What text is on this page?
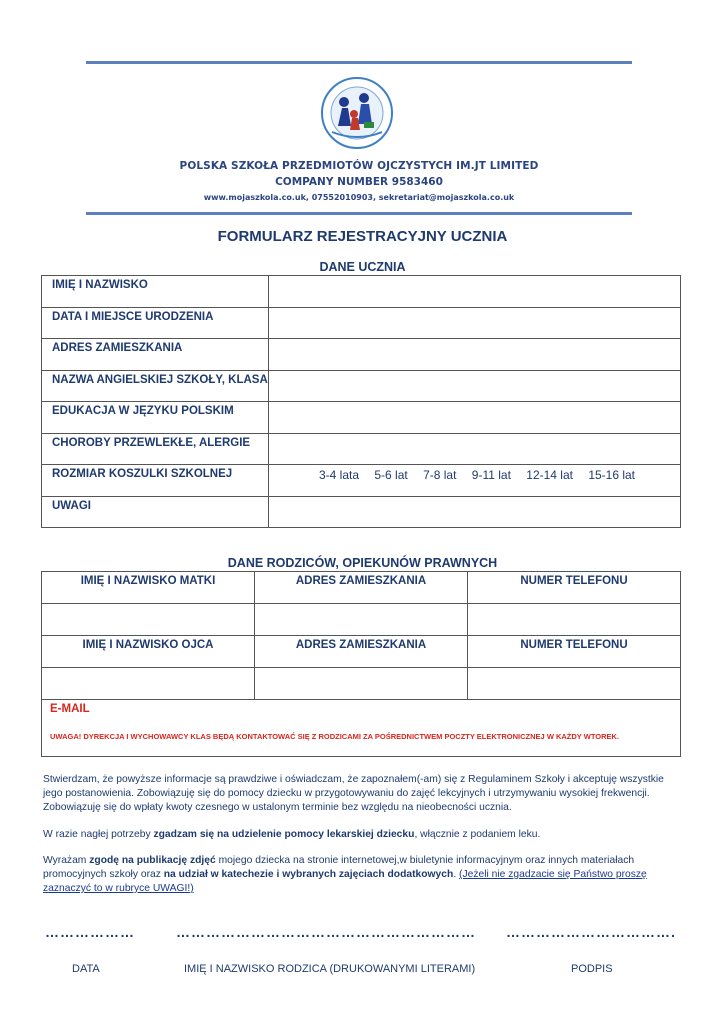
POLSKA SZKOŁA PRZEDMIOTÓW OJCZYSTYCH IM.JT LIMITED
COMPANY NUMBER 9583460
www.mojaszkola.co.uk, 07552010903, sekretariat@mojaszkola.co.uk
FORMULARZ REJESTRACYJNY UCZNIA
DANE UCZNIA
IMIĘ I NAZWISKO	
DATA I MIEJSCE URODZENIA	
ADRES ZAMIESZKANIA	
NAZWA ANGIELSKIEJ SZKOŁY, KLASA	
EDUKACJA W JĘZYKU POLSKIM	
CHOROBY PRZEWLEKŁE, ALERGIE	
ROZMIAR KOSZULKI SZKOLNEJ	3-4 lata 5-6 lat 7-8 lat 9-11 lat 12-14 lat 15-16 lat
UWAGI	
DANE RODZICÓW, OPIEKUNÓW PRAWNYCH
IMIĘ I NAZWISKO MATKI	ADRES ZAMIESZKANIA	NUMER TELEFONU

IMIĘ I NAZWISKO OJCA	ADRES ZAMIESZKANIA	NUMER TELEFONU

E-MAIL
UWAGA! DYREKCJA I WYCHOWAWCY KLAS BĘDĄ KONTAKTOWAĆ SIĘ Z RODZICAMI ZA POŚREDNICTWEM POCZTY ELEKTRONICZNEJ W KAŻDY WTOREK.
Stwierdzam, że powyższe informacje są prawdziwe i oświadczam, że zapoznałem(-am) się z Regulaminem Szkoły i akceptuję wszystkie jego postanowienia. Zobowiązuję się do pomocy dziecku w przygotowywaniu do zajęć lekcyjnych i utrzymywaniu wysokiej frekwencji. Zobowiązuję się do wpłaty kwoty czesnego w ustalonym terminie bez względu na nieobecności ucznia.
W razie nagłej potrzeby zgadzam się na udzielenie pomocy lekarskiej dziecku, włącznie z podaniem leku.
Wyrażam zgodę na publikację zdjęć mojego dziecka na stronie internetowej,w biuletynie informacyjnym oraz innych materiałach promocyjnych szkoły oraz na udział w katechezie i wybranych zajęciach dodatkowych. (Jeżeli nie zgadzacie się Państwo proszę zaznaczyć to w rubryce UWAGI!)
………………	…………………………………………………… …………………………….
DATA	IMIĘ I NAZWISKO RODZICA (DRUKOWANYMI LITERAMI)	PODPIS
